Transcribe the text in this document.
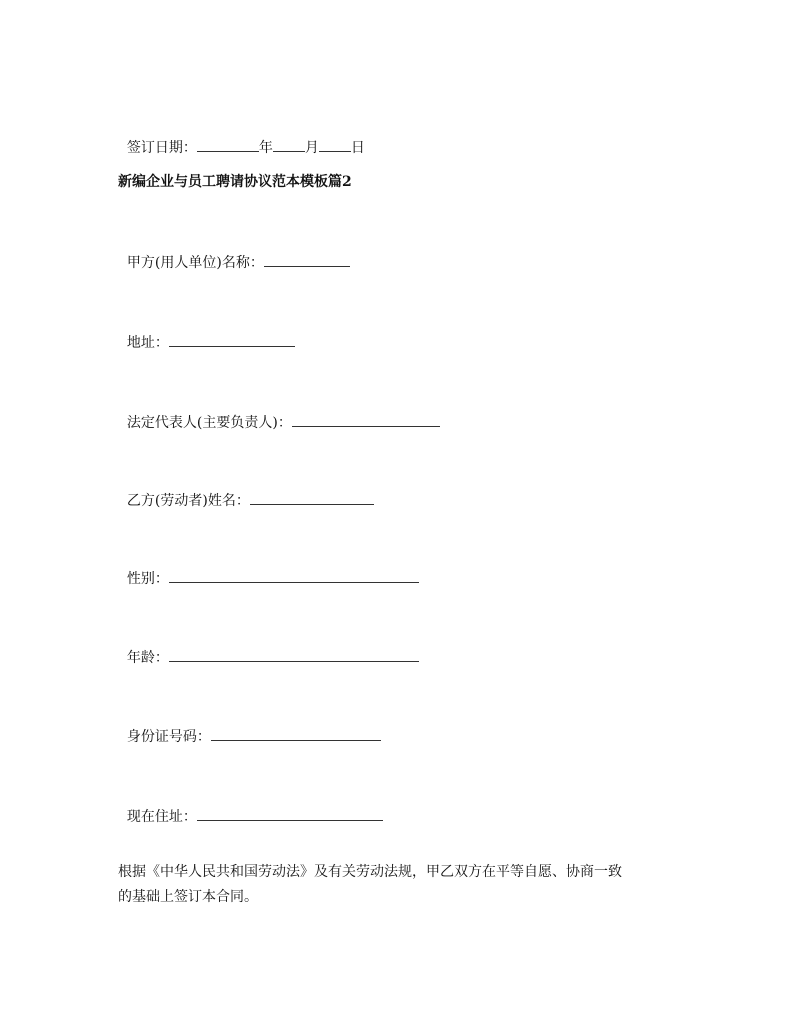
签订日期：	年 月 日

新编企业与员工聘请协议范本模板篇2

甲方(用人单位)名称：

地址：

法定代表人(主要负责人)：

乙方(劳动者)姓名：

性别：

年龄：

身份证号码：

现在住址：

根据《中华人民共和国劳动法》及有关劳动法规，甲乙双方在平等自愿、协商一致
的基础上签订本合同。
